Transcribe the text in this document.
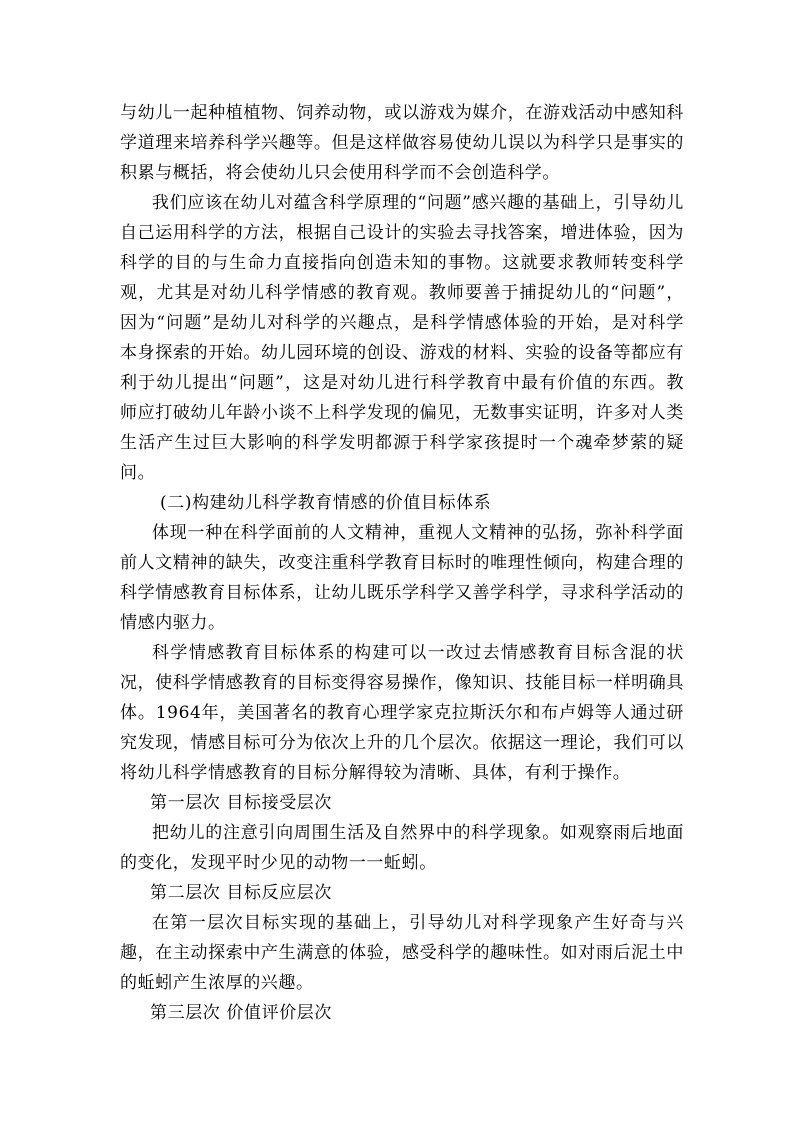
与幼儿一起种植植物、饲养动物，或以游戏为媒介，在游戏活动中感知科学道理来培养科学兴趣等。但是这样做容易使幼儿误以为科学只是事实的积累与概括，将会使幼儿只会使用科学而不会创造科学。

我们应该在幼儿对蕴含科学原理的“问题”感兴趣的基础上，引导幼儿自己运用科学的方法，根据自己设计的实验去寻找答案，增进体验，因为科学的目的与生命力直接指向创造未知的事物。这就要求教师转变科学观，尤其是对幼儿科学情感的教育观。教师要善于捕捉幼儿的“问题”，因为“问题”是幼儿对科学的兴趣点，是科学情感体验的开始，是对科学本身探索的开始。幼儿园环境的创设、游戏的材料、实验的设备等都应有利于幼儿提出“问题”，这是对幼儿进行科学教育中最有价值的东西。教师应打破幼儿年龄小谈不上科学发现的偏见，无数事实证明，许多对人类生活产生过巨大影响的科学发明都源于科学家孩提时一个魂牵梦萦的疑问。

(二)构建幼儿科学教育情感的价值目标体系

体现一种在科学面前的人文精神，重视人文精神的弘扬，弥补科学面前人文精神的缺失，改变注重科学教育目标时的唯理性倾向，构建合理的科学情感教育目标体系，让幼儿既乐学科学又善学科学，寻求科学活动的情感内驱力。

科学情感教育目标体系的构建可以一改过去情感教育目标含混的状况，使科学情感教育的目标变得容易操作，像知识、技能目标一样明确具体。1964年，美国著名的教育心理学家克拉斯沃尔和布卢姆等人通过研究发现，情感目标可分为依次上升的几个层次。依据这一理论，我们可以将幼儿科学情感教育的目标分解得较为清晰、具体，有利于操作。

第一层次 目标接受层次

把幼儿的注意引向周围生活及自然界中的科学现象。如观察雨后地面的变化，发现平时少见的动物一一蚯蚓。

第二层次 目标反应层次

在第一层次目标实现的基础上，引导幼儿对科学现象产生好奇与兴趣，在主动探索中产生满意的体验，感受科学的趣味性。如对雨后泥土中的蚯蚓产生浓厚的兴趣。

第三层次 价值评价层次
